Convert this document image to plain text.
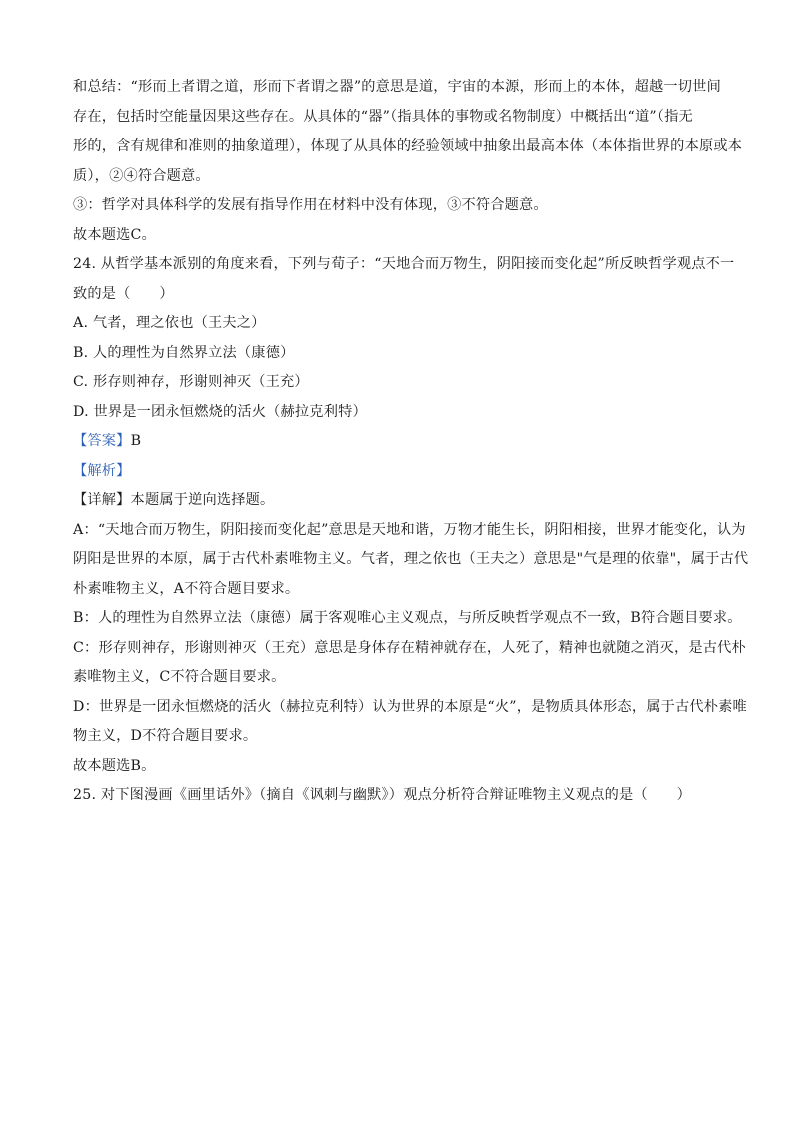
和总结：“形而上者谓之道，形而下者谓之器”的意思是道，宇宙的本源，形而上的本体，超越一切世间
存在，包括时空能量因果这些存在。从具体的“器”（指具体的事物或名物制度）中概括出“道”（指无
形的，含有规律和准则的抽象道理），体现了从具体的经验领域中抽象出最高本体（本体指世界的本原或本
质），②④符合题意。
③：哲学对具体科学的发展有指导作用在材料中没有体现，③不符合题意。
故本题选C。
24. 从哲学基本派别的角度来看，下列与荀子：“天地合而万物生，阴阳接而变化起”所反映哲学观点不一
致的是（　　）
A. 气者，理之依也（王夫之）
B. 人的理性为自然界立法（康德）
C. 形存则神存，形谢则神灭（王充）
D. 世界是一团永恒燃烧的活火（赫拉克利特）
【答案】B
【解析】
【详解】本题属于逆向选择题。
A：“天地合而万物生，阴阳接而变化起”意思是天地和谐，万物才能生长，阴阳相接，世界才能变化，认为
阴阳是世界的本原，属于古代朴素唯物主义。气者，理之依也（王夫之）意思是"气是理的依靠"，属于古代
朴素唯物主义，A不符合题目要求。
B：人的理性为自然界立法（康德）属于客观唯心主义观点，与所反映哲学观点不一致，B符合题目要求。
C：形存则神存，形谢则神灭（王充）意思是身体存在精神就存在，人死了，精神也就随之消灭，是古代朴
素唯物主义，C不符合题目要求。
D：世界是一团永恒燃烧的活火（赫拉克利特）认为世界的本原是“火”，是物质具体形态，属于古代朴素唯
物主义，D不符合题目要求。
故本题选B。
25. 对下图漫画《画里话外》（摘自《讽刺与幽默》）观点分析符合辩证唯物主义观点的是（　　）
